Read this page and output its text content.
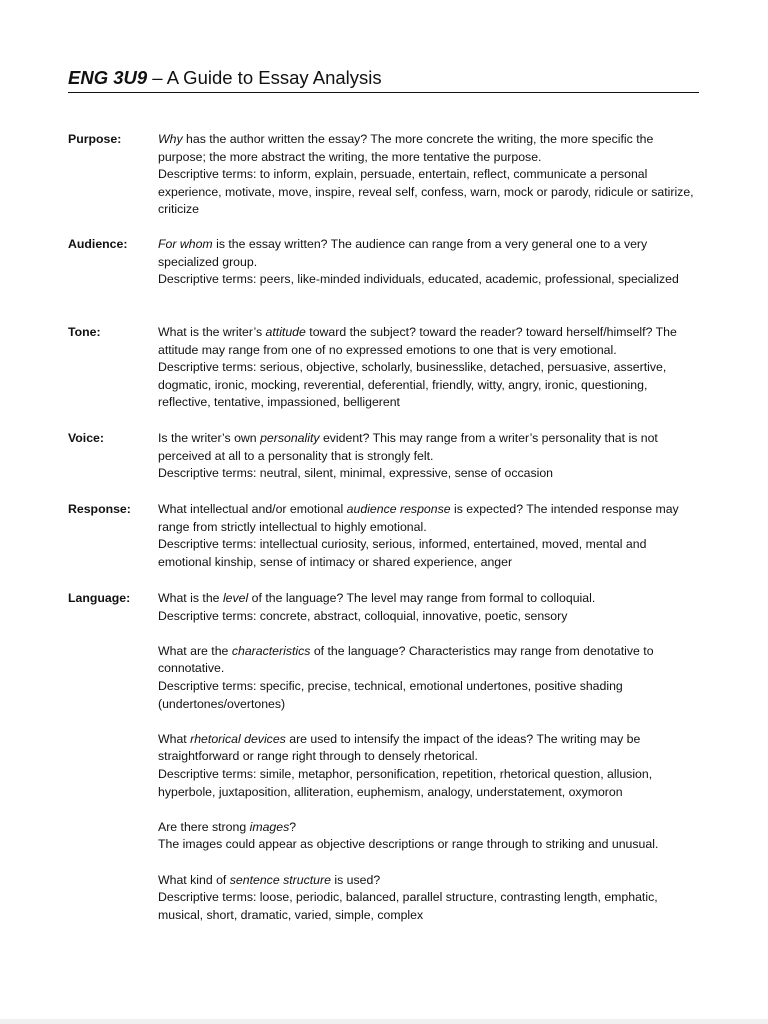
ENG 3U9 – A Guide to Essay Analysis
Purpose:	Why has the author written the essay? The more concrete the writing, the more specific the purpose; the more abstract the writing, the more tentative the purpose.

Descriptive terms: to inform, explain, persuade, entertain, reflect, communicate a personal experience, motivate, move, inspire, reveal self, confess, warn, mock or parody, ridicule or satirize, criticize

Audience:	For whom is the essay written? The audience can range from a very general one to a very specialized group.

Descriptive terms: peers, like-minded individuals, educated, academic, professional, specialized

Tone:	What is the writer’s attitude toward the subject? toward the reader? toward herself/himself? The attitude may range from one of no expressed emotions to one that is very emotional.

Descriptive terms: serious, objective, scholarly, businesslike, detached, persuasive, assertive, dogmatic, ironic, mocking, reverential, deferential, friendly, witty, angry, ironic, questioning, reflective, tentative, impassioned, belligerent

Voice:	Is the writer’s own personality evident? This may range from a writer’s personality that is not perceived at all to a personality that is strongly felt.

Descriptive terms: neutral, silent, minimal, expressive, sense of occasion

Response:	What intellectual and/or emotional audience response is expected? The intended response may range from strictly intellectual to highly emotional.

Descriptive terms: intellectual curiosity, serious, informed, entertained, moved, mental and emotional kinship, sense of intimacy or shared experience, anger

Language:	What is the level of the language? The level may range from formal to colloquial.

Descriptive terms: concrete, abstract, colloquial, innovative, poetic, sensory

What are the characteristics of the language? Characteristics may range from denotative to connotative.

Descriptive terms: specific, precise, technical, emotional undertones, positive shading (undertones/overtones)

What rhetorical devices are used to intensify the impact of the ideas? The writing may be straightforward or range right through to densely rhetorical.

Descriptive terms: simile, metaphor, personification, repetition, rhetorical question, allusion, hyperbole, juxtaposition, alliteration, euphemism, analogy, understatement, oxymoron

Are there strong images?

The images could appear as objective descriptions or range through to striking and unusual.

What kind of sentence structure is used?

Descriptive terms: loose, periodic, balanced, parallel structure, contrasting length, emphatic, musical, short, dramatic, varied, simple, complex
